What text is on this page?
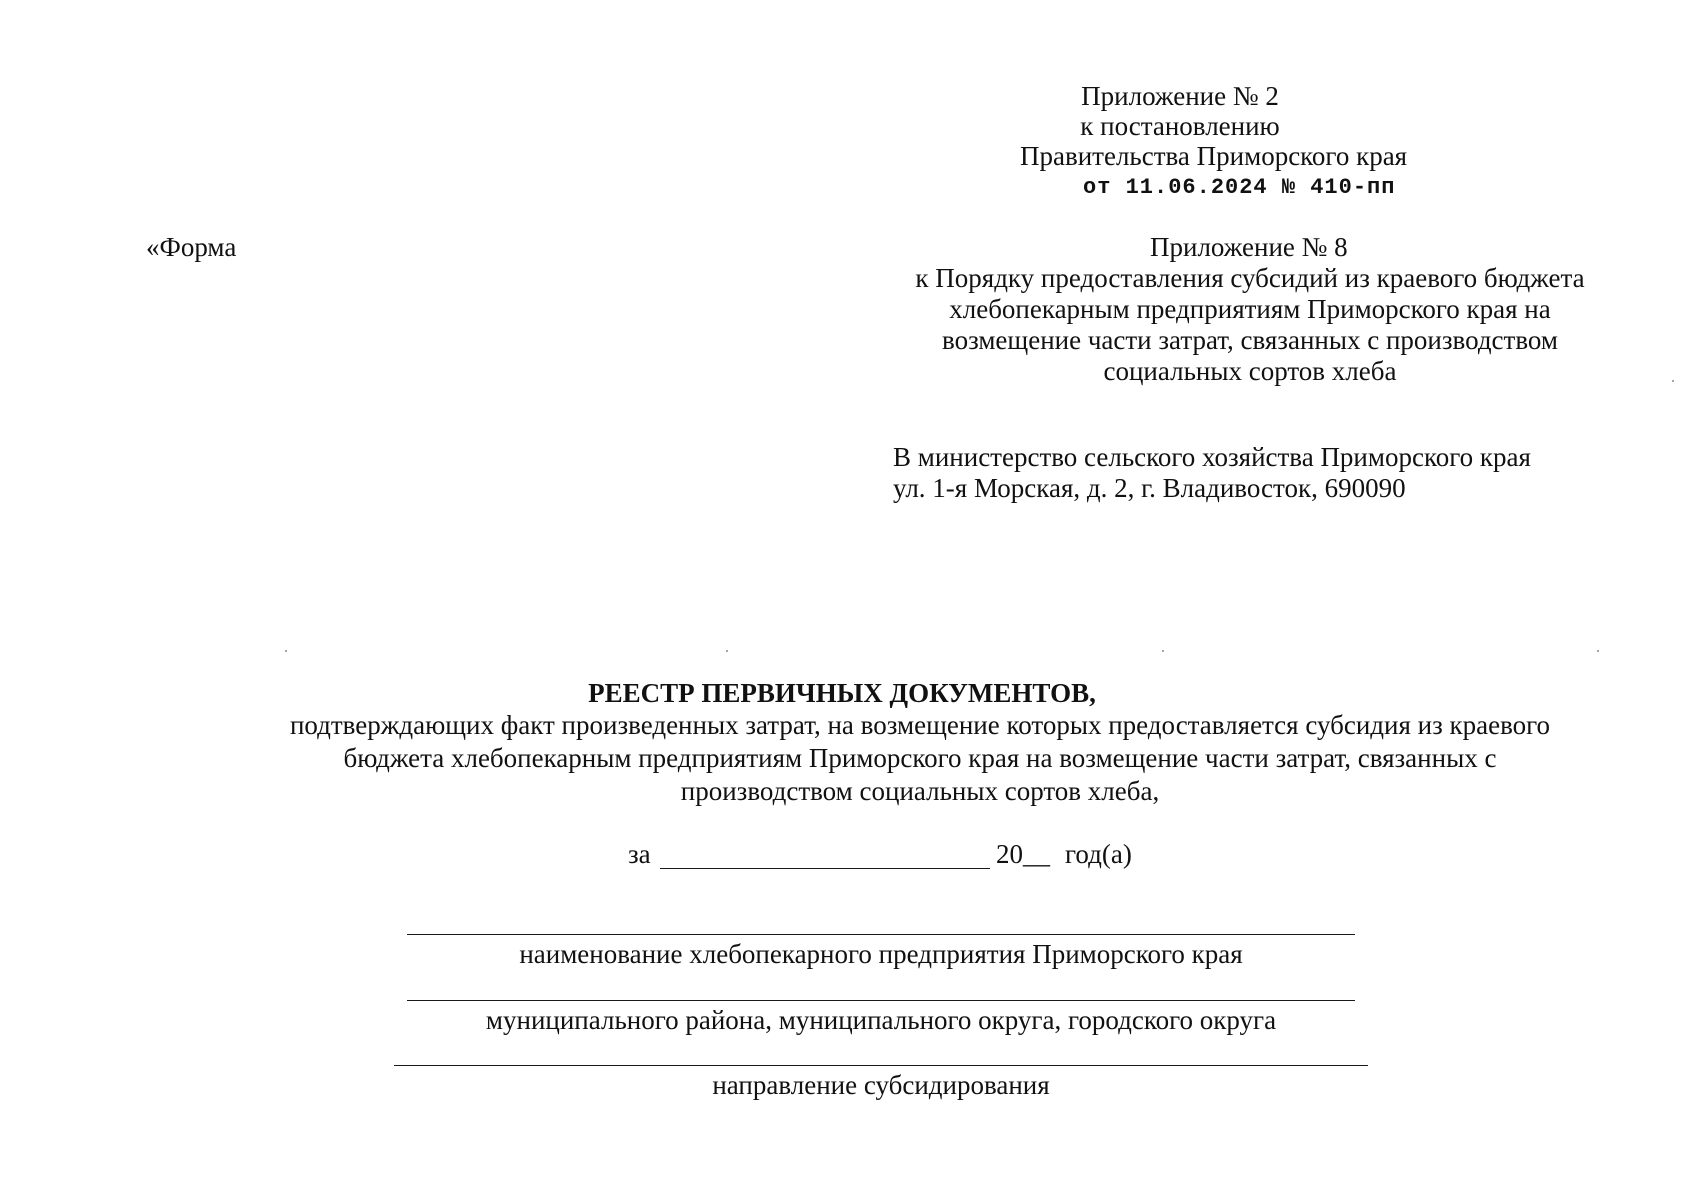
Приложение № 2
к постановлению
Правительства Приморского края
от 11.06.2024 № 410-пп
«Форма	Приложение № 8
к Порядку предоставления субсидий из краевого бюджета
хлебопекарным предприятиям Приморского края на
возмещение части затрат, связанных с производством
социальных сортов хлеба
В министерство сельского хозяйства Приморского края
ул. 1-я Морская, д. 2, г. Владивосток, 690090
РЕЕСТР ПЕРВИЧНЫХ ДОКУМЕНТОВ,
подтверждающих факт произведенных затрат, на возмещение которых предоставляется субсидия из краевого
бюджета хлебопекарным предприятиям Приморского края на возмещение части затрат, связанных с
производством социальных сортов хлеба,
за	20__ год(а)
наименование хлебопекарного предприятия Приморского края
муниципального района, муниципального округа, городского округа
направление субсидирования
